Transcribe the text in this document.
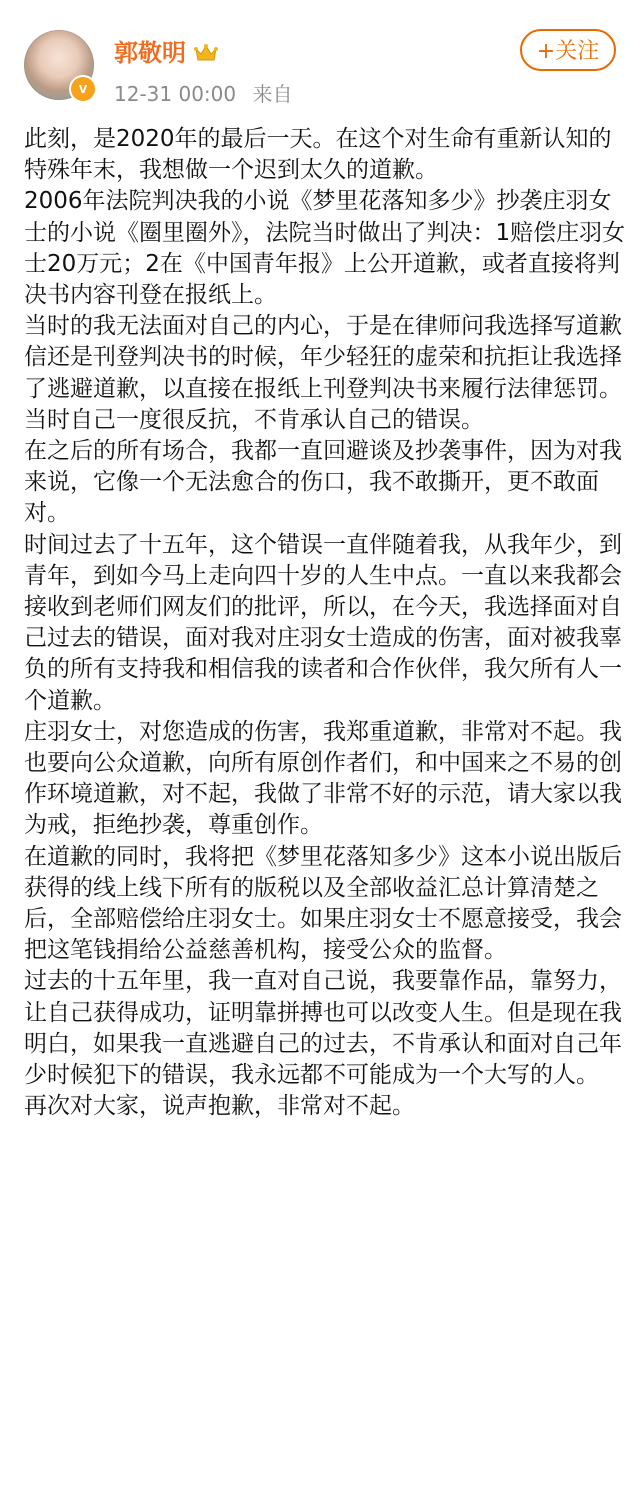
v
郭敬明
12-31 00:00 来自
+关注

此刻，是2020年的最后一天。在这个对生命有重新认知的特殊年末，我想做一个迟到太久的道歉。

2006年法院判决我的小说《梦里花落知多少》抄袭庄羽女士的小说《圈里圈外》，法院当时做出了判决：1赔偿庄羽女士20万元；2在《中国青年报》上公开道歉，或者直接将判决书内容刊登在报纸上。

当时的我无法面对自己的内心，于是在律师问我选择写道歉信还是刊登判决书的时候，年少轻狂的虚荣和抗拒让我选择了逃避道歉，以直接在报纸上刊登判决书来履行法律惩罚。当时自己一度很反抗，不肯承认自己的错误。

在之后的所有场合，我都一直回避谈及抄袭事件，因为对我来说，它像一个无法愈合的伤口，我不敢撕开，更不敢面对。

时间过去了十五年，这个错误一直伴随着我，从我年少，到青年，到如今马上走向四十岁的人生中点。一直以来我都会接收到老师们网友们的批评，所以，在今天，我选择面对自己过去的错误，面对我对庄羽女士造成的伤害，面对被我辜负的所有支持我和相信我的读者和合作伙伴，我欠所有人一个道歉。

庄羽女士，对您造成的伤害，我郑重道歉，非常对不起。我也要向公众道歉，向所有原创作者们，和中国来之不易的创作环境道歉，对不起，我做了非常不好的示范，请大家以我为戒，拒绝抄袭，尊重创作。

在道歉的同时，我将把《梦里花落知多少》这本小说出版后获得的线上线下所有的版税以及全部收益汇总计算清楚之后，全部赔偿给庄羽女士。如果庄羽女士不愿意接受，我会把这笔钱捐给公益慈善机构，接受公众的监督。

过去的十五年里，我一直对自己说，我要靠作品，靠努力，让自己获得成功，证明靠拼搏也可以改变人生。但是现在我明白，如果我一直逃避自己的过去，不肯承认和面对自己年少时候犯下的错误，我永远都不可能成为一个大写的人。

再次对大家，说声抱歉，非常对不起。
